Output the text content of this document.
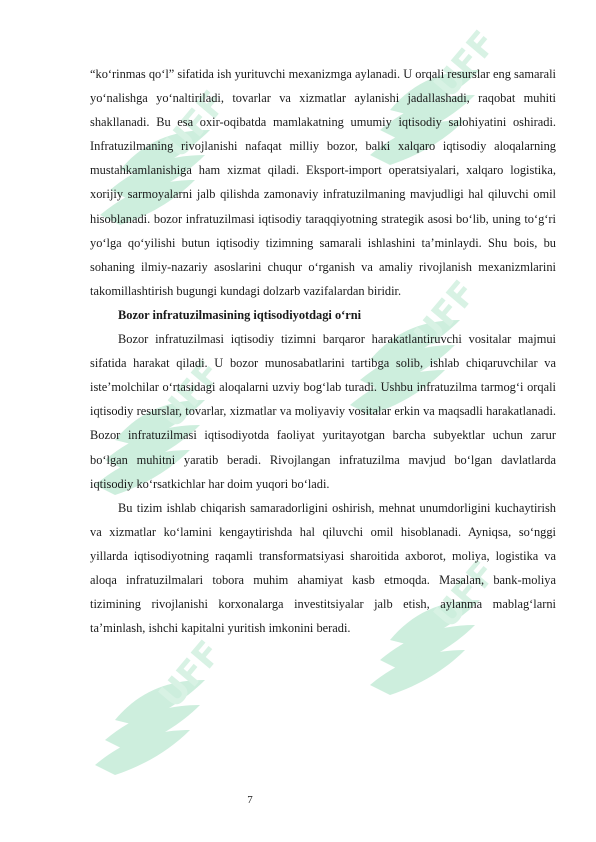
“ko‘rinmas qo‘l” sifatida ish yurituvchi mexanizmga aylanadi. U orqali resurslar eng samarali yo‘nalishga yo‘naltiriladi, tovarlar va xizmatlar aylanishi jadallashadi, raqobat muhiti shakllanadi. Bu esa oxir-oqibatda mamlakatning umumiy iqtisodiy salohiyatini oshiradi. Infratuzilmaning rivojlanishi nafaqat milliy bozor, balki xalqaro iqtisodiy aloqalarning mustahkamlanishiga ham xizmat qiladi. Eksport-import operatsiyalari, xalqaro logistika, xorijiy sarmoyalarni jalb qilishda zamonaviy infratuzilmaning mavjudligi hal qiluvchi omil hisoblanadi. bozor infratuzilmasi iqtisodiy taraqqiyotning strategik asosi bo‘lib, uning to‘g‘ri yo‘lga qo‘yilishi butun iqtisodiy tizimning samarali ishlashini ta’minlaydi. Shu bois, bu sohaning ilmiy-nazariy asoslarini chuqur o‘rganish va amaliy rivojlanish mexanizmlarini takomillashtirish bugungi kundagi dolzarb vazifalardan biridir.

Bozor infratuzilmasining iqtisodiyotdagi o‘rni

Bozor infratuzilmasi iqtisodiy tizimni barqaror harakatlantiruvchi vositalar majmui sifatida harakat qiladi. U bozor munosabatlarini tartibga solib, ishlab chiqaruvchilar va iste’molchilar o‘rtasidagi aloqalarni uzviy bog‘lab turadi. Ushbu infratuzilma tarmog‘i orqali iqtisodiy resurslar, tovarlar, xizmatlar va moliyaviy vositalar erkin va maqsadli harakatlanadi. Bozor infratuzilmasi iqtisodiyotda faoliyat yuritayotgan barcha subyektlar uchun zarur bo‘lgan muhitni yaratib beradi. Rivojlangan infratuzilma mavjud bo‘lgan davlatlarda iqtisodiy ko‘rsatkichlar har doim yuqori bo‘ladi.

Bu tizim ishlab chiqarish samaradorligini oshirish, mehnat unumdorligini kuchaytirish va xizmatlar ko‘lamini kengaytirishda hal qiluvchi omil hisoblanadi. Ayniqsa, so‘nggi yillarda iqtisodiyotning raqamli transformatsiyasi sharoitida axborot, moliya, logistika va aloqa infratuzilmalari tobora muhim ahamiyat kasb etmoqda. Masalan, bank-moliya tizimining rivojlanishi korxonalarga investitsiyalar jalb etish, aylanma mablag‘larni ta’minlash, ishchi kapitalni yuritish imkonini beradi.

7
